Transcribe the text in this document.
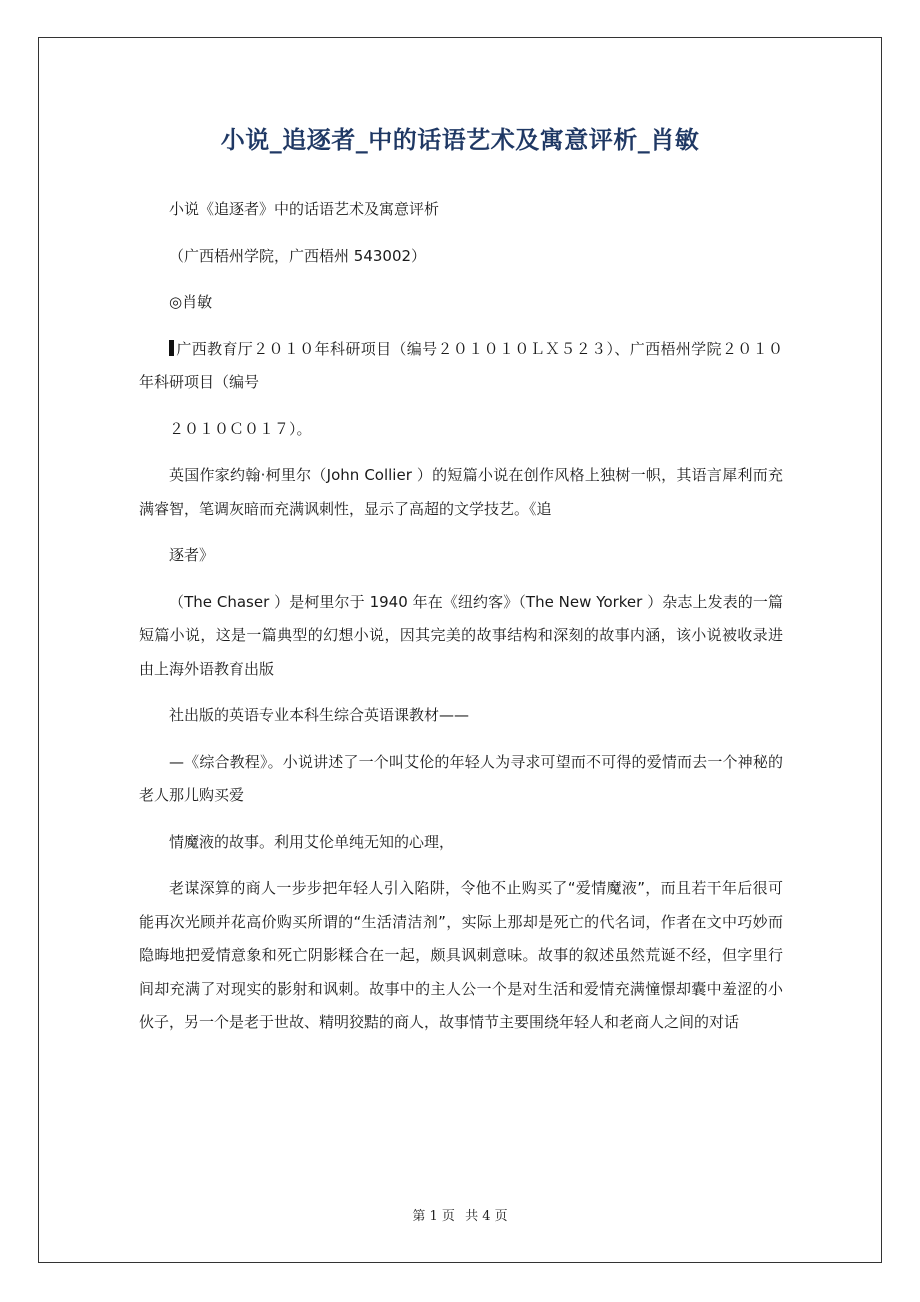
小说_追逐者_中的话语艺术及寓意评析_肖敏

小说《追逐者》中的话语艺术及寓意评析

（广西梧州学院，广西梧州 543002）

◎肖敏

广西教育厅２０１０年科研项目（编号２０１０１０ＬＸ５２３）、广西梧州学院２０１０年科研项目（编号

２０１０Ｃ０１７）。

英国作家约翰·柯里尔（John Collier ）的短篇小说在创作风格上独树一帜，其语言犀利而充满睿智，笔调灰暗而充满讽刺性，显示了高超的文学技艺。《追

逐者》

（The Chaser ）是柯里尔于 1940 年在《纽约客》（The New Yorker ）杂志上发表的一篇短篇小说，这是一篇典型的幻想小说，因其完美的故事结构和深刻的故事内涵，该小说被收录进由上海外语教育出版

社出版的英语专业本科生综合英语课教材——

—《综合教程》。小说讲述了一个叫艾伦的年轻人为寻求可望而不可得的爱情而去一个神秘的老人那儿购买爱

情魔液的故事。利用艾伦单纯无知的心理，

老谋深算的商人一步步把年轻人引入陷阱，令他不止购买了“爱情魔液”，而且若干年后很可能再次光顾并花高价购买所谓的“生活清洁剂”，实际上那却是死亡的代名词，作者在文中巧妙而隐晦地把爱情意象和死亡阴影糅合在一起，颇具讽刺意味。故事的叙述虽然荒诞不经，但字里行间却充满了对现实的影射和讽刺。故事中的主人公一个是对生活和爱情充满憧憬却囊中羞涩的小伙子，另一个是老于世故、精明狡黠的商人，故事情节主要围绕年轻人和老商人之间的对话

第 1 页 共 4 页
